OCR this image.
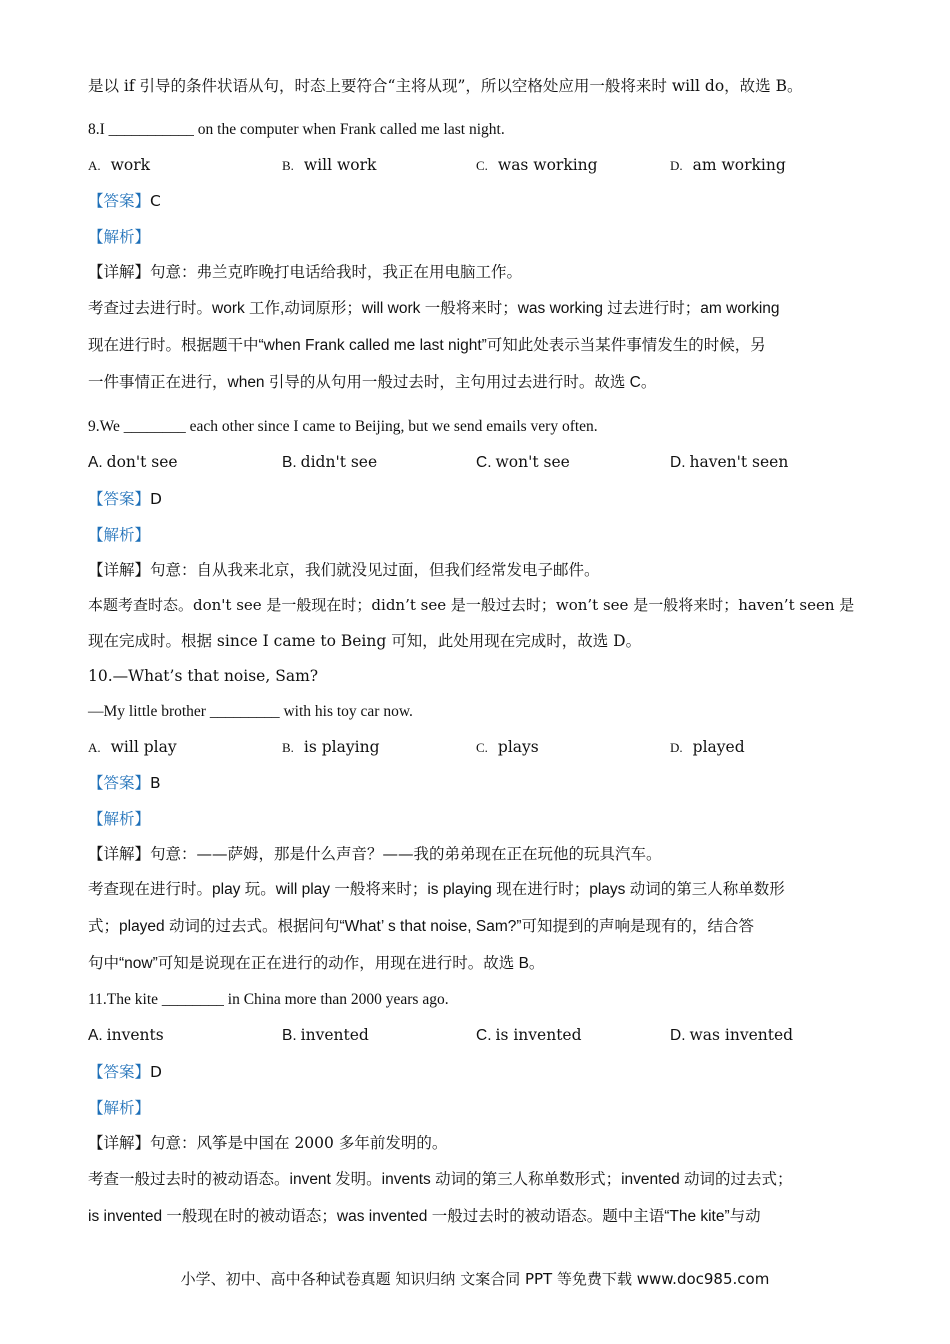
是以 if 引导的条件状语从句，时态上要符合“主将从现”，所以空格处应用一般将来时 will do，故选 B。
8.I ___________ on the computer when Frank called me last night.
A. work	B. will work	C. was working	D. am working
【答案】C
【解析】
【详解】句意：弗兰克昨晚打电话给我时，我正在用电脑工作。
考查过去进行时。work 工作,动词原形；will work 一般将来时；was working 过去进行时；am working
现在进行时。根据题干中“when Frank called me last night”可知此处表示当某件事情发生的时候，另
一件事情正在进行，when 引导的从句用一般过去时，主句用过去进行时。故选 C。
9.We ________ each other since I came to Beijing, but we send emails very often.
A. don't see	B. didn't see	C. won't see	D. haven't seen
【答案】D
【解析】
【详解】句意：自从我来北京，我们就没见过面，但我们经常发电子邮件。
本题考查时态。don't see 是一般现在时；didn’t see 是一般过去时；won’t see 是一般将来时；haven’t seen 是
现在完成时。根据 since I came to Being 可知，此处用现在完成时，故选 D。
10.—What’s that noise, Sam?
—My little brother _________ with his toy car now.
A. will play	B. is playing	C. plays	D. played
【答案】B
【解析】
【详解】句意：——萨姆，那是什么声音？——我的弟弟现在正在玩他的玩具汽车。
考查现在进行时。play 玩。will play 一般将来时；is playing 现在进行时；plays 动词的第三人称单数形
式；played 动词的过去式。根据问句“What’ s that noise, Sam?”可知提到的声响是现有的，结合答
句中“now”可知是说现在正在进行的动作，用现在进行时。故选 B。
11.The kite ________ in China more than 2000 years ago.
A. invents	B. invented	C. is invented	D. was invented
【答案】D
【解析】
【详解】句意：风筝是中国在 2000 多年前发明的。
考查一般过去时的被动语态。invent 发明。invents 动词的第三人称单数形式；invented 动词的过去式；
is invented 一般现在时的被动语态；was invented 一般过去时的被动语态。题中主语“The kite”与动
小学、初中、高中各种试卷真题 知识归纳 文案合同 PPT 等免费下载 www.doc985.com
